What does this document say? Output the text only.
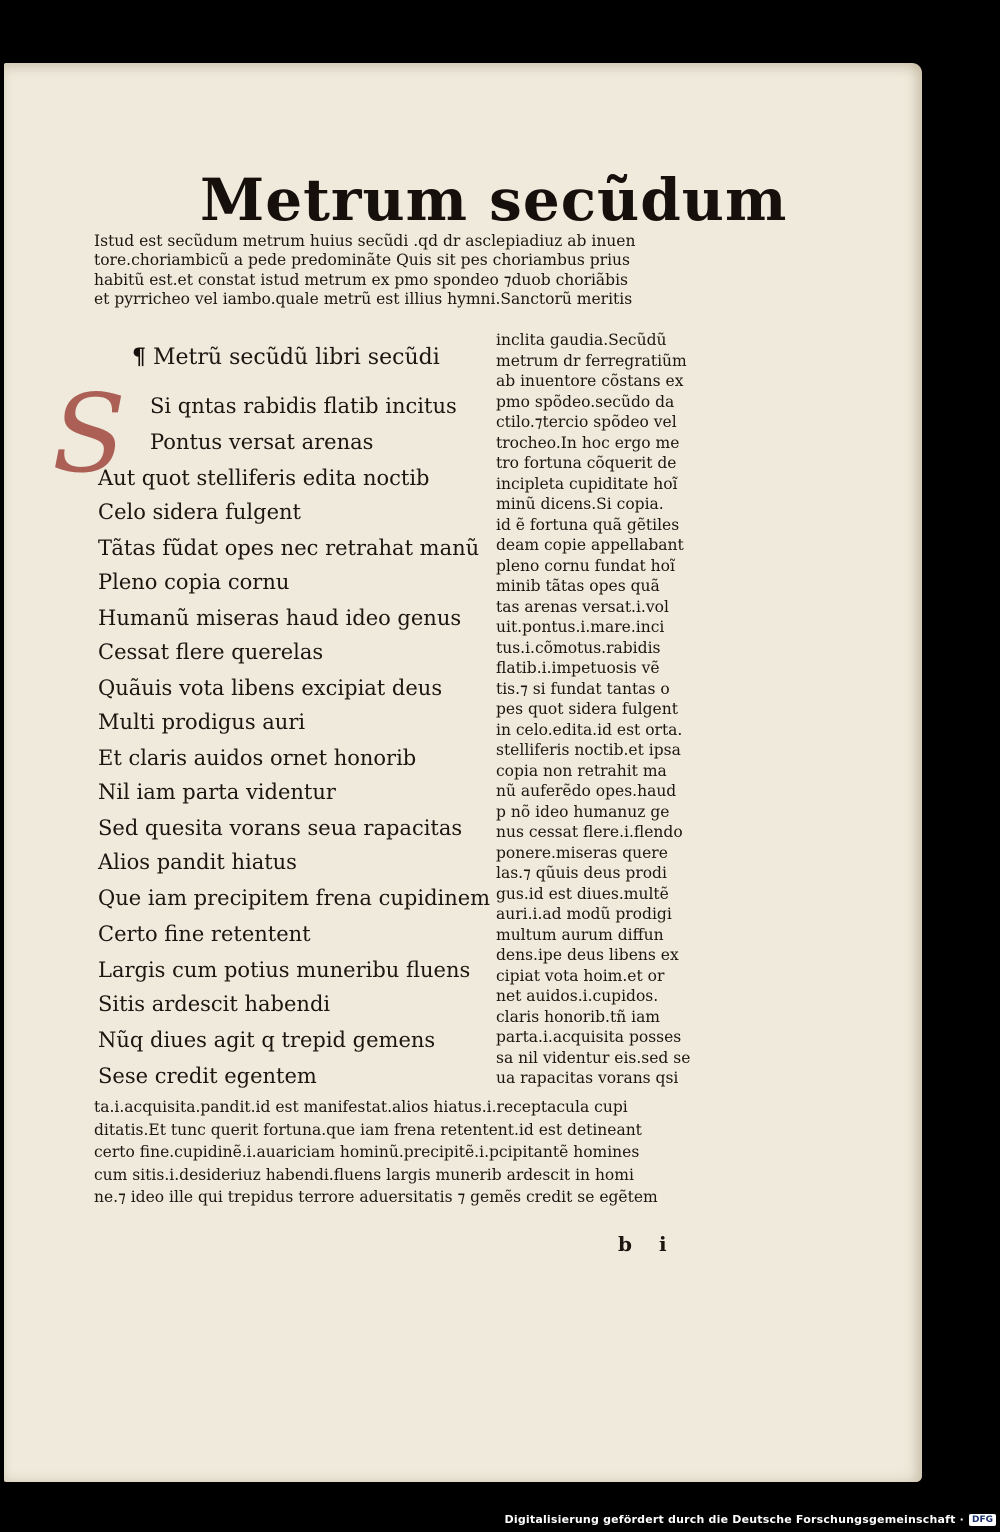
Metrum secũdum
Istud est secũdum metrum huius secũdi .qd dr asclepiadiuz ab inuen
tore.choriambicũ a pede predominãte Quis sit pes choriambus prius
habitũ est.et constat istud metrum ex pmo spondeo ⁊duob choriãbis
et pyrricheo vel iambo.quale metrũ est illius hymni.Sanctorũ meritis
¶ Metrũ secũdũ libri secũdi
S	Si qntas rabidis flatib incitus
Pontus versat arenas
Aut quot stelliferis edita noctib
Celo sidera fulgent
Tãtas fũdat opes nec retrahat manũ
Pleno copia cornu
Humanũ miseras haud ideo genus
Cessat flere querelas
Quãuis vota libens excipiat deus
Multi prodigus auri
Et claris auidos ornet honorib
Nil iam parta videntur
Sed quesita vorans seua rapacitas
Alios pandit hiatus
Que iam precipitem frena cupidinem
Certo fine retentent
Largis cum potius muneribu fluens
Sitis ardescit habendi
Nũq diues agit q trepid gemens
Sese credit egentem
inclita gaudia.Secũdũ
metrum dr ferregratiũm
ab inuentore cõstans ex
pmo spõdeo.secũdo da
ctilo.⁊tercio spõdeo vel
trocheo.In hoc ergo me
tro fortuna cõquerit de
incipleta cupiditate hoĩ
minũ dicens.Si copia.
id ẽ fortuna quã gẽtiles
deam copie appellabant
pleno cornu fundat hoĩ
minib tãtas opes quã
tas arenas versat.i.vol
uit.pontus.i.mare.inci
tus.i.cõmotus.rabidis
flatib.i.impetuosis vẽ
tis.⁊ si fundat tantas o
pes quot sidera fulgent
in celo.edita.id est orta.
stelliferis noctib.et ipsa
copia non retrahit ma
nũ auferẽdo opes.haud
p nõ ideo humanuz ge
nus cessat flere.i.flendo
ponere.miseras quere
las.⁊ qũuis deus prodi
gus.id est diues.multẽ
auri.i.ad modũ prodigi
multum aurum diffun
dens.ipe deus libens ex
cipiat vota hoim.et or
net auidos.i.cupidos.
claris honorib.tñ iam
parta.i.acquisita posses
sa nil videntur eis.sed se
ua rapacitas vorans qsi
ta.i.acquisita.pandit.id est manifestat.alios hiatus.i.receptacula cupi
ditatis.Et tunc querit fortuna.que iam frena retentent.id est detineant
certo fine.cupidinẽ.i.auariciam hominũ.precipitẽ.i.pcipitantẽ homines
cum sitis.i.desideriuz habendi.fluens largis munerib ardescit in homi
ne.⁊ ideo ille qui trepidus terrore aduersitatis ⁊ gemẽs credit se egẽtem
b i
Digitalisierung gefördert durch die Deutsche Forschungsgemeinschaft · DFG
